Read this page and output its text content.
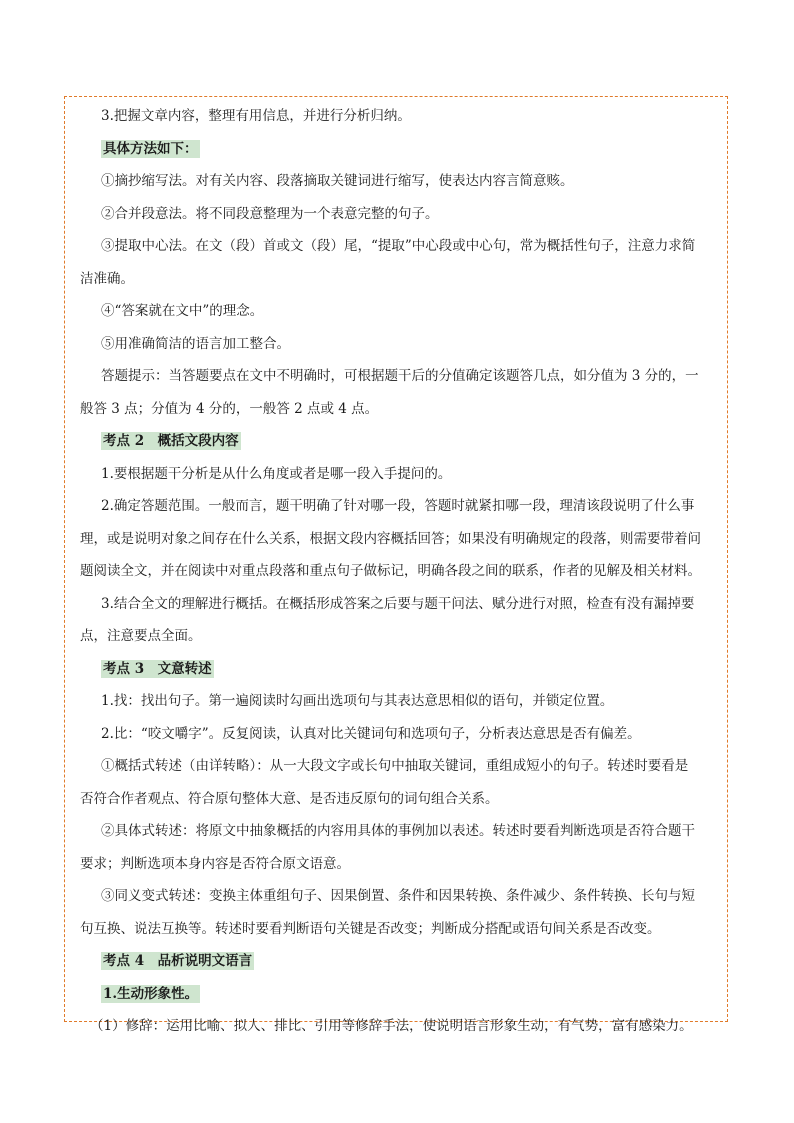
3.把握文章内容，整理有用信息，并进行分析归纳。
具体方法如下：
①摘抄缩写法。对有关内容、段落摘取关键词进行缩写，使表达内容言简意赅。
②合并段意法。将不同段意整理为一个表意完整的句子。
③提取中心法。在文（段）首或文（段）尾，“提取”中心段或中心句，常为概括性句子，注意力求简
洁准确。
④“答案就在文中”的理念。
⑤用准确简洁的语言加工整合。
答题提示：当答题要点在文中不明确时，可根据题干后的分值确定该题答几点，如分值为 3 分的，一
般答 3 点；分值为 4 分的，一般答 2 点或 4 点。
考点 2　概括文段内容
1.要根据题干分析是从什么角度或者是哪一段入手提问的。
2.确定答题范围。一般而言，题干明确了针对哪一段，答题时就紧扣哪一段，理清该段说明了什么事
理，或是说明对象之间存在什么关系，根据文段内容概括回答；如果没有明确规定的段落，则需要带着问
题阅读全文，并在阅读中对重点段落和重点句子做标记，明确各段之间的联系，作者的见解及相关材料。
3.结合全文的理解进行概括。在概括形成答案之后要与题干问法、赋分进行对照，检查有没有漏掉要
点，注意要点全面。
考点 3　文意转述
1.找：找出句子。第一遍阅读时勾画出选项句与其表达意思相似的语句，并锁定位置。
2.比：“咬文嚼字”。反复阅读，认真对比关键词句和选项句子，分析表达意思是否有偏差。
①概括式转述（由详转略）：从一大段文字或长句中抽取关键词，重组成短小的句子。转述时要看是
否符合作者观点、符合原句整体大意、是否违反原句的词句组合关系。
②具体式转述：将原文中抽象概括的内容用具体的事例加以表述。转述时要看判断选项是否符合题干
要求；判断选项本身内容是否符合原文语意。
③同义变式转述：变换主体重组句子、因果倒置、条件和因果转换、条件减少、条件转换、长句与短
句互换、说法互换等。转述时要看判断语句关键是否改变；判断成分搭配或语句间关系是否改变。
考点 4　品析说明文语言
1.生动形象性。
（1）修辞：运用比喻、拟人、排比、引用等修辞手法，使说明语言形象生动，有气势，富有感染力。
